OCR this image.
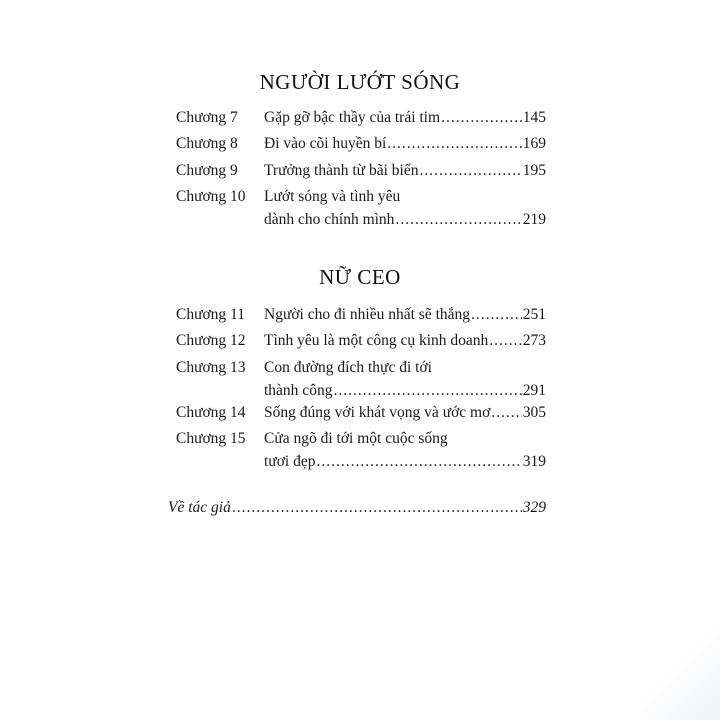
NGƯỜI LƯỚT SÓNG
Chương 7	Gặp gỡ bậc thầy của trái tim .....	145
Chương 8	Đi vào cõi huyền bí .....	169
Chương 9	Trưởng thành từ bãi biển .....	195
Chương 10	Lướt sóng và tình yêu
dành cho chính mình .....	219
NỮ CEO
Chương 11	Người cho đi nhiều nhất sẽ thắng .....	251
Chương 12	Tình yêu là một công cụ kinh doanh ..... 273
Chương 13	Con đường đích thực đi tới
thành công .....	291
Chương 14	Sống đúng với khát vọng và ước mơ ..... 305
Chương 15	Cửa ngõ đi tới một cuộc sống
tươi đẹp .....	319
Về tác giả .....	329
